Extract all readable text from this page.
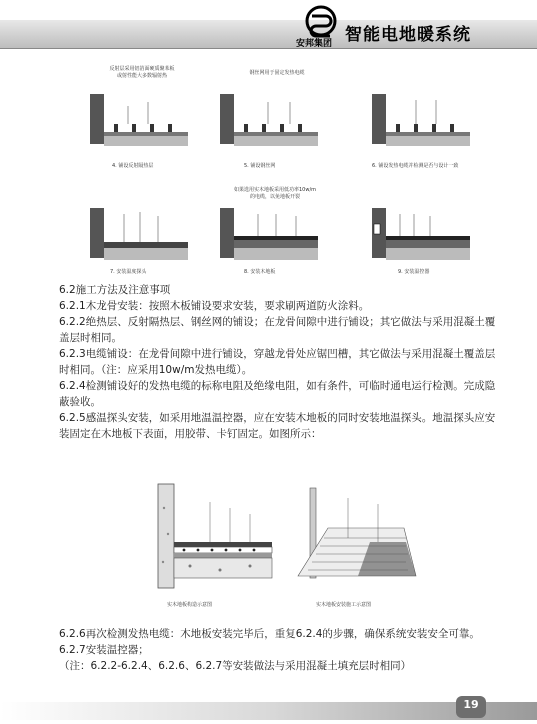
安邦集团 智能电地暖系统
反射层采用铝箔面硬质聚苯板
或射性能大多数辐射热	钢丝网用于固定发热电缆
如果选用实木地板采用低功率10w/m
的电缆，以免地板开裂
4. 铺设反射隔热层	5. 铺设钢丝网	6. 铺设发热电缆并检测是否与设计一致
7. 安装温度探头	8. 安装木地板	9. 安装温控器
6.2施工方法及注意事项
6.2.1木龙骨安装：按照木板铺设要求安装，要求刷两道防火涂料。
6.2.2绝热层、反射隔热层、钢丝网的铺设；在龙骨间隙中进行铺设；其它做法与采用混凝土覆
盖层时相同。
6.2.3电缆铺设：在龙骨间隙中进行铺设，穿越龙骨处应锯凹槽，其它做法与采用混凝土覆盖层
时相同。（注：应采用10w/m发热电缆）。
6.2.4检测铺设好的发热电缆的标称电阻及绝缘电阻，如有条件，可临时通电运行检测。完成隐
蔽验收。
6.2.5感温探头安装，如采用地温温控器，应在安装木地板的同时安装地温探头。地温探头应安
装固定在木地板下表面，用胶带、卡钉固定。如图所示：
实木地板构造示意图	实木地板安装施工示意图
6.2.6再次检测发热电缆：木地板安装完毕后，重复6.2.4的步骤，确保系统安装安全可靠。
6.2.7安装温控器；
（注：6.2.2-6.2.4、6.2.6、6.2.7等安装做法与采用混凝土填充层时相同）
19
